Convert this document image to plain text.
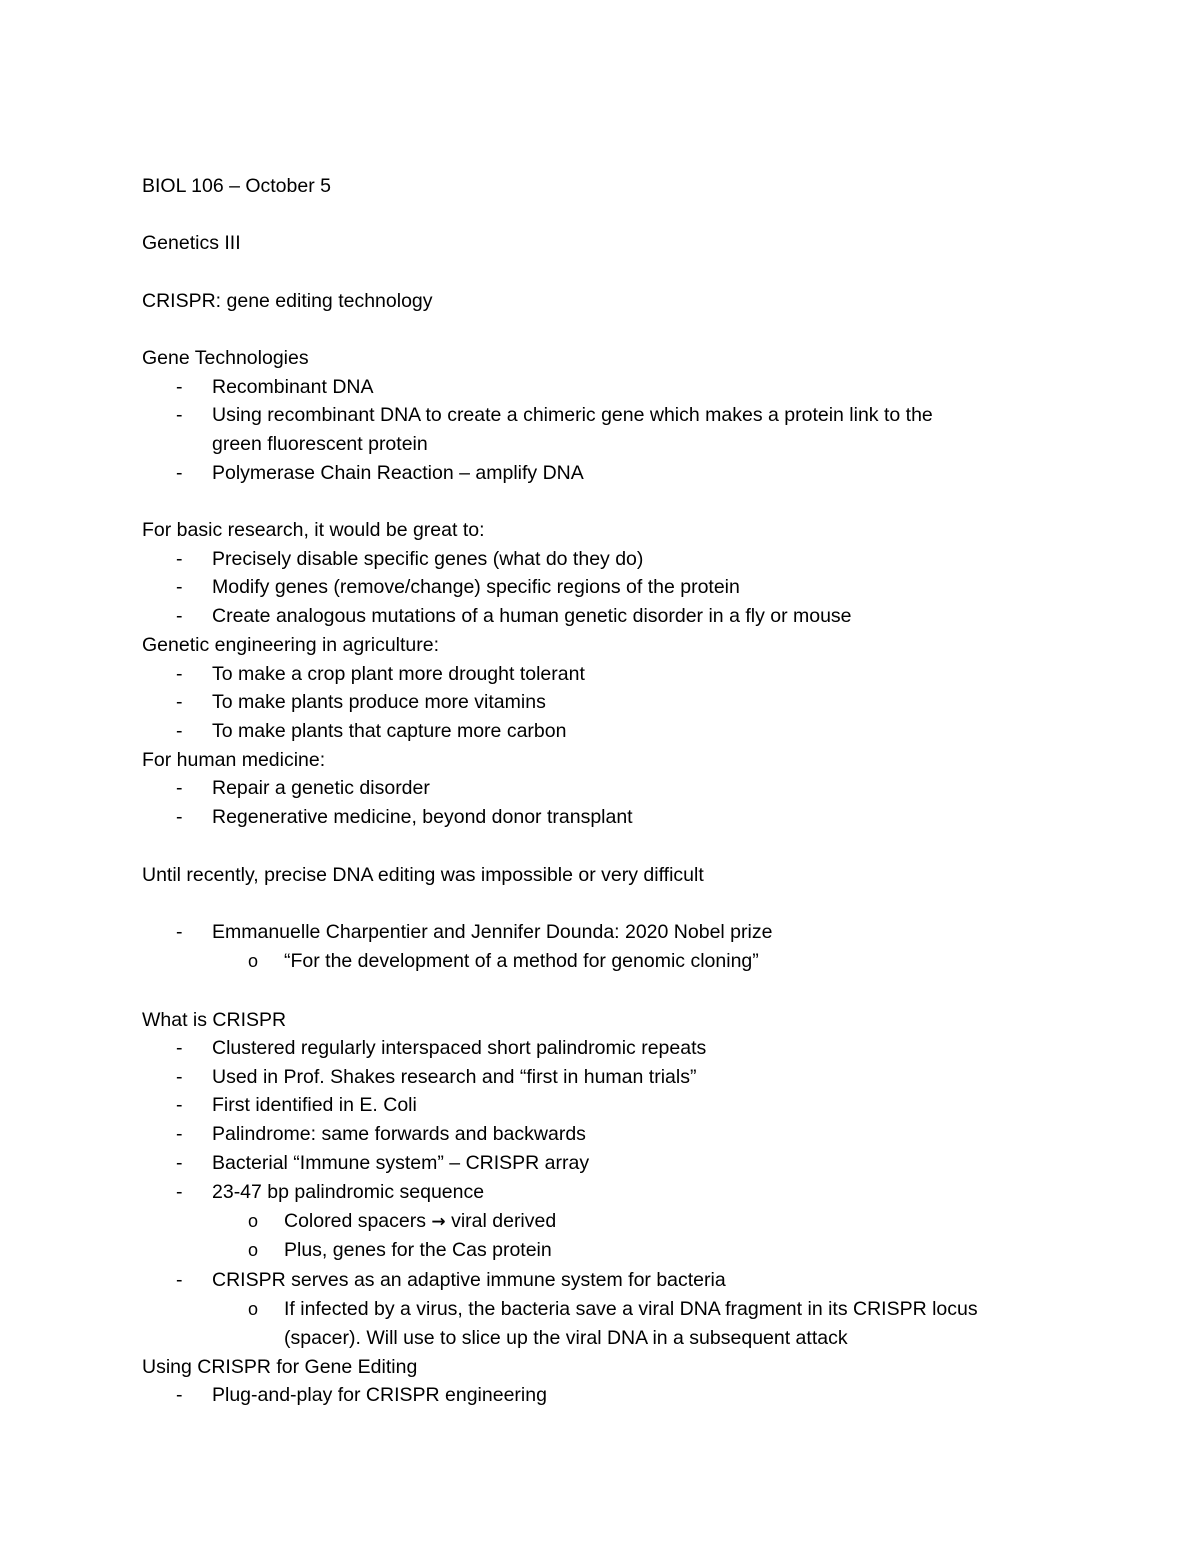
BIOL 106 – October 5
Genetics III
CRISPR: gene editing technology
Gene Technologies
- Recombinant DNA
- Using recombinant DNA to create a chimeric gene which makes a protein link to the
green fluorescent protein
- Polymerase Chain Reaction – amplify DNA
For basic research, it would be great to:
- Precisely disable specific genes (what do they do)
- Modify genes (remove/change) specific regions of the protein
- Create analogous mutations of a human genetic disorder in a fly or mouse
Genetic engineering in agriculture:
- To make a crop plant more drought tolerant
- To make plants produce more vitamins
- To make plants that capture more carbon
For human medicine:
- Repair a genetic disorder
- Regenerative medicine, beyond donor transplant
Until recently, precise DNA editing was impossible or very difficult
- Emmanuelle Charpentier and Jennifer Dounda: 2020 Nobel prize
o “For the development of a method for genomic cloning”
What is CRISPR
- Clustered regularly interspaced short palindromic repeats
- Used in Prof. Shakes research and “first in human trials”
- First identified in E. Coli
- Palindrome: same forwards and backwards
- Bacterial “Immune system” – CRISPR array
- 23-47 bp palindromic sequence
o Colored spacers → viral derived
o Plus, genes for the Cas protein
- CRISPR serves as an adaptive immune system for bacteria
o If infected by a virus, the bacteria save a viral DNA fragment in its CRISPR locus
(spacer). Will use to slice up the viral DNA in a subsequent attack
Using CRISPR for Gene Editing
- Plug-and-play for CRISPR engineering
